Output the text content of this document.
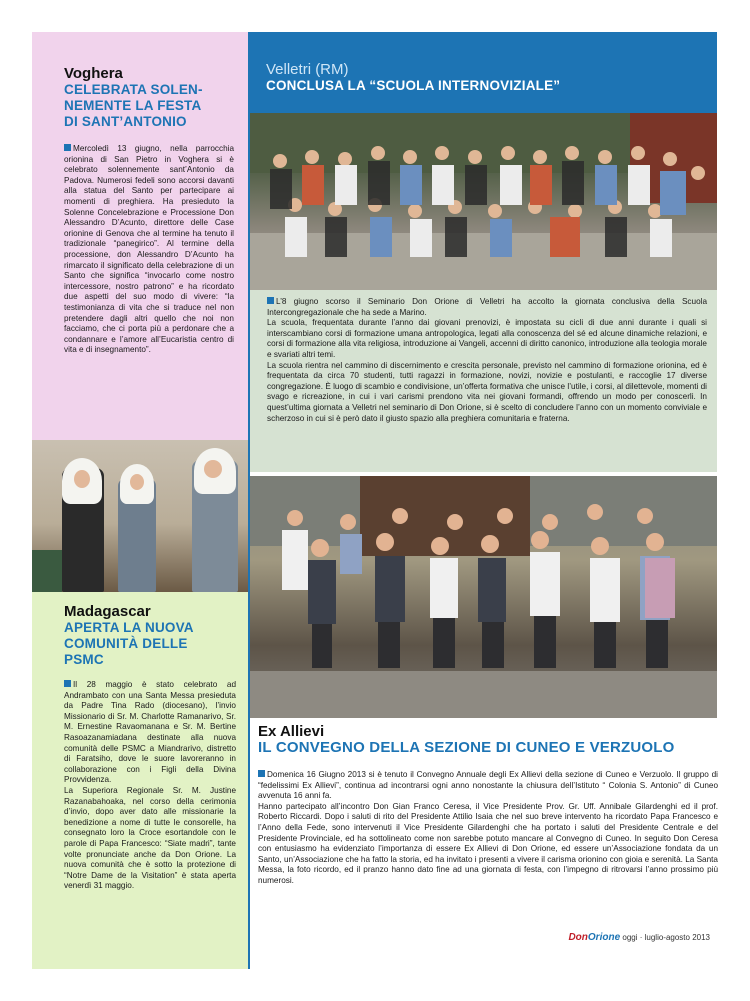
Voghera
CELEBRATA SOLEN-NEMENTE LA FESTA DI SANT’ANTONIO

Mercoledì 13 giugno, nella parrocchia orionina di San Pietro in Voghera si è celebrato solennemente sant’Antonio da Padova. Numerosi fedeli sono accorsi davanti alla statua del Santo per partecipare ai momenti di preghiera. Ha presieduto la Solenne Concelebrazione e Processione Don Alessandro D’Acunto, direttore delle Case orionine di Genova che al termine ha tenuto il tradizionale “panegirico”. Al termine della processione, don Alessandro D’Acunto ha rimarcato il significato della celebrazione di un Santo che significa “invocarlo come nostro intercessore, nostro patrono” e ha ricordato due aspetti del suo modo di vivere: “la testimonianza di vita che si traduce nel non pretendere dagli altri quello che noi non facciamo, che ci porta più a perdonare che a condannare e l’amore all’Eucaristia centro di vita e di insegnamento”.

Madagascar
APERTA LA NUOVA COMUNITÀ DELLE PSMC

Il 28 maggio è stato celebrato ad Andrambato con una Santa Messa presieduta da Padre Tina Rado (diocesano), l’invio Missionario di Sr. M. Charlotte Ramanarivo, Sr. M. Ernestine Ravaomanana e Sr. M. Bertine Rasoazanamiadana destinate alla nuova comunità delle PSMC a Miandrarivo, distretto di Faratsiho, dove le suore lavoreranno in collaborazione con i Figli della Divina Provvidenza.

La Superiora Regionale Sr. M. Justine Razanabahoaka, nel corso della cerimonia d’invio, dopo aver dato alle missionarie la benedizione a nome di tutte le consorelle, ha consegnato loro la Croce esortandole con le parole di Papa Francesco: “Siate madri”, tante volte pronunciate anche da Don Orione. La nuova comunità che è sotto la protezione di “Notre Dame de la Visitation” è stata aperta venerdì 31 maggio.

Velletri (RM)
CONCLUSA LA “SCUOLA INTERNOVIZIALE”

L’8 giugno scorso il Seminario Don Orione di Velletri ha accolto la giornata conclusiva della Scuola Intercongregazionale che ha sede a Marino.

La scuola, frequentata durante l’anno dai giovani prenovizi, è impostata su cicli di due anni durante i quali si interscambiano corsi di formazione umana antropologica, legati alla conoscenza del sé ed alcune dinamiche relazioni, e corsi di formazione alla vita religiosa, introduzione ai Vangeli, accenni di diritto canonico, introduzione alla teologia morale e svariati altri temi.

La scuola rientra nel cammino di discernimento e crescita personale, previsto nel cammino di formazione orionina, ed è frequentata da circa 70 studenti, tutti ragazzi in formazione, novizi, novizie e postulanti, e raccoglie 17 diverse congregazione. È luogo di scambio e condivisione, un’offerta formativa che unisce l’utile, i corsi, al dilettevole, momenti di svago e ricreazione, in cui i vari carismi prendono vita nei giovani formandi, offrendo un modo per conoscerli. In quest’ultima giornata a Velletri nel seminario di Don Orione, si è scelto di concludere l’anno con un momento conviviale e scherzoso in cui si è però dato il giusto spazio alla preghiera comunitaria e fraterna.

Ex Allievi
IL CONVEGNO DELLA SEZIONE DI CUNEO E VERZUOLO

Domenica 16 Giugno 2013 si è tenuto il Convegno Annuale degli Ex Allievi della sezione di Cuneo e Verzuolo. Il gruppo di “fedelissimi Ex Allievi”, continua ad incontrarsi ogni anno nonostante la chiusura dell’Istituto “ Colonia S. Antonio” di Cuneo avvenuta 16 anni fa.

Hanno partecipato all’incontro Don Gian Franco Ceresa, il Vice Presidente Prov. Gr. Uff. Annibale Gilardenghi ed il prof. Roberto Riccardi. Dopo i saluti di rito del Presidente Attilio Isaia che nel suo breve intervento ha ricordato Papa Francesco e l’Anno della Fede, sono intervenuti il Vice Presidente Gilardenghi che ha portato i saluti del Presidente Centrale e del Presidente Provinciale, ed ha sottolineato come non sarebbe potuto mancare al Convegno di Cuneo. In seguito Don Ceresa con entusiasmo ha evidenziato l’importanza di essere Ex Allievi di Don Orione, ed essere un’Associazione fondata da un Santo, un’Associazione che ha fatto la storia, ed ha invitato i presenti a vivere il carisma orionino con gioia e serenità. La Santa Messa, la foto ricordo, ed il pranzo hanno dato fine ad una giornata di festa, con l’impegno di ritrovarsi l’anno prossimo più numerosi.

DonOrione oggi · luglio-agosto 2013
